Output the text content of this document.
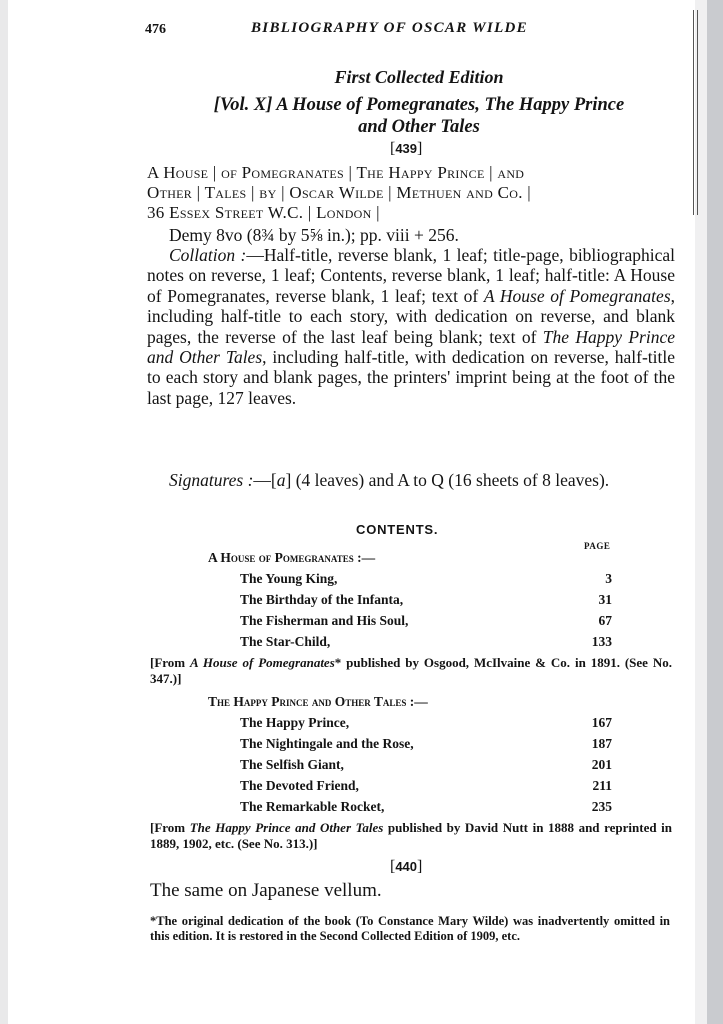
476	BIBLIOGRAPHY OF OSCAR WILDE
First Collected Edition
[Vol. X] A House of Pomegranates, The Happy Prince
and Other Tales
[439]
A House | of Pomegranates | The Happy Prince | and
Other | Tales | by | Oscar Wilde | Methuen and Co. |
36 Essex Street W.C. | London |
Demy 8vo (8¾ by 5⅝ in.); pp. viii + 256.
Collation :—Half-title, reverse blank, 1 leaf; title-page, bibliographical notes on reverse, 1 leaf; Contents, reverse blank, 1 leaf; half-title: A House of Pomegranates, reverse blank, 1 leaf; text of A House of Pomegranates, including half-title to each story, with dedication on reverse, and blank pages, the reverse of the last leaf being blank; text of The Happy Prince and Other Tales, including half-title, with dedication on reverse, half-title to each story and blank pages, the printers' imprint being at the foot of the last page, 127 leaves.
Signatures :—[a] (4 leaves) and A to Q (16 sheets of 8 leaves).
CONTENTS.
PAGE
A House of Pomegranates :—
The Young King,	3
The Birthday of the Infanta,	31
The Fisherman and His Soul,	67
The Star-Child,	133
[From A House of Pomegranates* published by Osgood, McIlvaine & Co. in 1891. (See No. 347.)]
The Happy Prince and Other Tales :—
The Happy Prince,	167
The Nightingale and the Rose,	187
The Selfish Giant,	201
The Devoted Friend,	211
The Remarkable Rocket,	235
[From The Happy Prince and Other Tales published by David Nutt in 1888 and reprinted in 1889, 1902, etc. (See No. 313.)]
[440]
The same on Japanese vellum.
*The original dedication of the book (To Constance Mary Wilde) was inadvertently omitted in this edition. It is restored in the Second Collected Edition of 1909, etc.
